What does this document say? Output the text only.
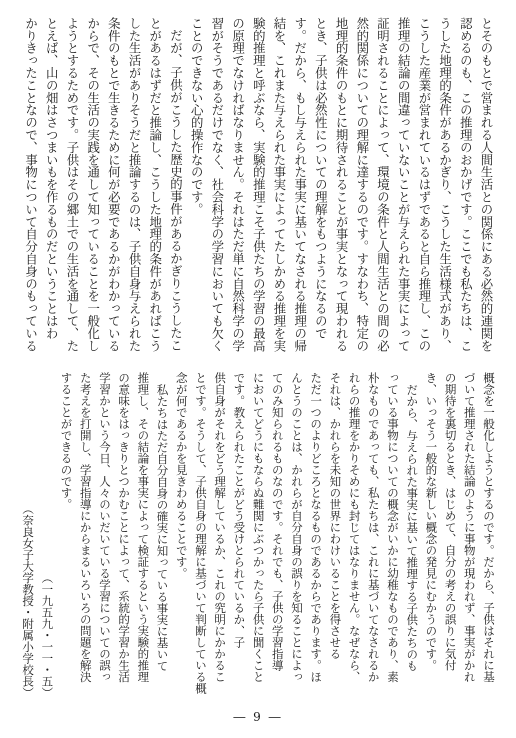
とそのもとで営まれる人間生活との関係にある必然的連関を
認めるのも、この推理のおかげです。ここでも私たちは、こ
うした地理的条件があるかぎり、こうした生活様式があり、
こうした産業が営まれているはずであると自ら推理し、この
推理の結論の間違っていないことが与えられた事実によって
証明されることによって、環境の条件と人間生活との間の必
然的関係についての理解に達するのです。すなわち、特定の
地理的条件のもとに期待されることが事実となって現われる
とき、子供は必然性についての理解をもつようになるので
す。だから、もし与えられた事実に基いてなされる推理の帰
結を、これまた与えられた事実によってたしかめる推理を実
験的推理と呼ぶなら、実験的推理こそ子供たちの学習の最高
の原理でなければなりません。それはただ単に自然科学の学
習がそうであるだけでなく、社会科学の学習においても欠く
ことのできない心的操作なのです。
だが、子供がこうした歴史的事件があるかぎりこうしたこ
とがあるはずだと推論し、こうした地理的条件があればこう
した生活がありそうだと推論するのは、子供自身与えられた
条件のもとで生きるために何が必要であるかがわかっている
からで、その生活の実践を通して知っていることを一般化し
ようとするためです。子供はその郷土での生活を通して、た
とえば、山の畑はさつまいもを作るものだということはわ
かりきったことなので、事物について自分自身のもっている
概念を一般化しようとするのです。だから、子供はそれに基
づいて推理された結論のように事物が現われず、事実がかれ
の期待を裏切るとき、はじめて、自分の考えの誤りに気付
き、いっそう一般的な新しい概念の発見にむかうのです。
だから、与えられた事実に基いて推理する子供たちのも
っている事物についての概念がいかに幼稚なものであり、素
朴なものであっても、私たちは、これに基づいてなされるか
れらの推理をかりそめにも封じてはなりません。なぜなら、
それは、かれらを未知の世界にわけいることを得させる
ただ一つのよりどころとなるものであるからであります。ほ
んとうのことは、かれらが自分自身の誤りを知ることによっ
てのみ知られるものなのです。それでも、子供の学習指導
においてどうにもならぬ難関にぶつかったら子供に聞くこと
です。教えられたことがどう受けとられているか、子
供自身がそれをどう理解しているか、これの究明にかかるこ
とです。そうして、子供自身の理解に基づいて判断している概
念が何であるかを見きわめることです。
私たちはただ自分自身の確実に知っている事実に基いて
推理し、その結論を事実によって検証するという実験的推理
の意味をはっきりとつかむことによって、系統的学習か生活
学習かという今日、人々のいだいている学習についての誤っ
た考えを打開し、学習指導にからまるいろいろの問題を解決
することができるのです。
（一九五九・一一・五）
（奈良女子大学教授・附属小学校長）
― 9 ―
